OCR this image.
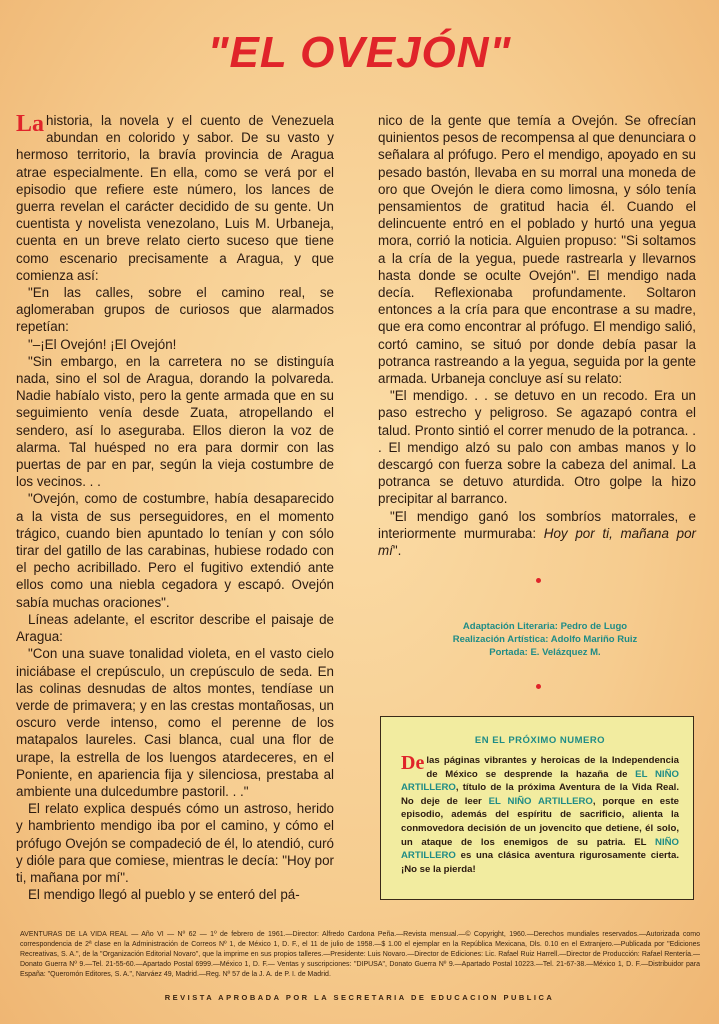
"EL OVEJÓN"

La historia, la novela y el cuento de Venezuela abundan en colorido y sabor. De su vasto y hermoso territorio, la bravía provincia de Aragua atrae especialmente. En ella, como se verá por el episodio que refiere este número, los lances de guerra revelan el carácter decidido de su gente. Un cuentista y novelista venezolano, Luis M. Urbaneja, cuenta en un breve relato cierto suceso que tiene como escenario precisamente a Aragua, y que comienza así:

"En las calles, sobre el camino real, se aglomeraban grupos de curiosos que alarmados repetían:

"–¡El Ovejón! ¡El Ovejón!

"Sin embargo, en la carretera no se distinguía nada, sino el sol de Aragua, dorando la polvareda. Nadie habíalo visto, pero la gente armada que en su seguimiento venía desde Zuata, atropellando el sendero, así lo aseguraba. Ellos dieron la voz de alarma. Tal huésped no era para dormir con las puertas de par en par, según la vieja costumbre de los vecinos. . .

"Ovejón, como de costumbre, había desaparecido a la vista de sus perseguidores, en el momento trágico, cuando bien apuntado lo tenían y con sólo tirar del gatillo de las carabinas, hubiese rodado con el pecho acribillado. Pero el fugitivo extendió ante ellos como una niebla cegadora y escapó. Ovejón sabía muchas oraciones".

Líneas adelante, el escritor describe el paisaje de Aragua:

"Con una suave tonalidad violeta, en el vasto cielo iniciábase el crepúsculo, un crepúsculo de seda. En las colinas desnudas de altos montes, tendíase un verde de primavera; y en las crestas montañosas, un oscuro verde intenso, como el perenne de los matapalos laureles. Casi blanca, cual una flor de urape, la estrella de los luengos atardeceres, en el Poniente, en apariencia fija y silenciosa, prestaba al ambiente una dulcedumbre pastoril. . ."

El relato explica después cómo un astroso, herido y hambriento mendigo iba por el camino, y cómo el prófugo Ovejón se compadeció de él, lo atendió, curó y dióle para que comiese, mientras le decía: "Hoy por ti, mañana por mí".

El mendigo llegó al pueblo y se enteró del pá-

nico de la gente que temía a Ovejón. Se ofrecían quinientos pesos de recompensa al que denunciara o señalara al prófugo. Pero el mendigo, apoyado en su pesado bastón, llevaba en su morral una moneda de oro que Ovejón le diera como limosna, y sólo tenía pensamientos de gratitud hacia él. Cuando el delincuente entró en el poblado y hurtó una yegua mora, corrió la noticia. Alguien propuso: "Si soltamos a la cría de la yegua, puede rastrearla y llevarnos hasta donde se oculte Ovejón". El mendigo nada decía. Reflexionaba profundamente. Soltaron entonces a la cría para que encontrase a su madre, que era como encontrar al prófugo. El mendigo salió, cortó camino, se situó por donde debía pasar la potranca rastreando a la yegua, seguida por la gente armada. Urbaneja concluye así su relato:

"El mendigo. . . se detuvo en un recodo. Era un paso estrecho y peligroso. Se agazapó contra el talud. Pronto sintió el correr menudo de la potranca. . . El mendigo alzó su palo con ambas manos y lo descargó con fuerza sobre la cabeza del animal. La potranca se detuvo aturdida. Otro golpe la hizo precipitar al barranco.

"El mendigo ganó los sombríos matorrales, e interiormente murmuraba: Hoy por ti, mañana por mí".

Adaptación Literaria: Pedro de Lugo
Realización Artística: Adolfo Mariño Ruiz
Portada: E. Velázquez M.
EN EL PRÓXIMO NUMERO
De las páginas vibrantes y heroicas de la Independencia de México se desprende la hazaña de EL NIÑO ARTILLERO, título de la próxima Aventura de la Vida Real. No deje de leer EL NIÑO ARTILLERO, porque en este episodio, además del espíritu de sacrificio, alienta la conmovedora decisión de un jovencito que detiene, él solo, un ataque de los enemigos de su patria. EL NIÑO ARTILLERO es una clásica aventura rigurosamente cierta. ¡No se la pierda!
AVENTURAS DE LA VIDA REAL — Año VI — Nº 62 — 1º de febrero de 1961.—Director: Alfredo Cardona Peña.—Revista mensual.—© Copyright, 1960.—Derechos mundiales reservados.—Autorizada como correspondencia de 2ª clase en la Administración de Correos Nº 1, de México 1, D. F., el 11 de julio de 1958.—$ 1.00 el ejemplar en la República Mexicana, Dls. 0.10 en el Extranjero.—Publicada por "Ediciones Recreativas, S. A.", de la "Organización Editorial Novaro", que la imprime en sus propios talleres.—Presidente: Luis Novaro.—Director de Ediciones: Lic. Rafael Ruiz Harrell.—Director de Producción: Rafael Rentería.—Donato Guerra Nº 9.—Tel. 21-55-60.—Apartado Postal 6999.—México 1, D. F.— Ventas y suscripciones: "DIPUSA", Donato Guerra Nº 9.—Apartado Postal 10223.—Tel. 21-67-38.—México 1, D. F.—Distribuidor para España: "Queromón Editores, S. A.", Narváez 49, Madrid.—Reg. Nº 57 de la J. A. de P. I. de Madrid.
REVISTA APROBADA POR LA SECRETARIA DE EDUCACION PUBLICA
